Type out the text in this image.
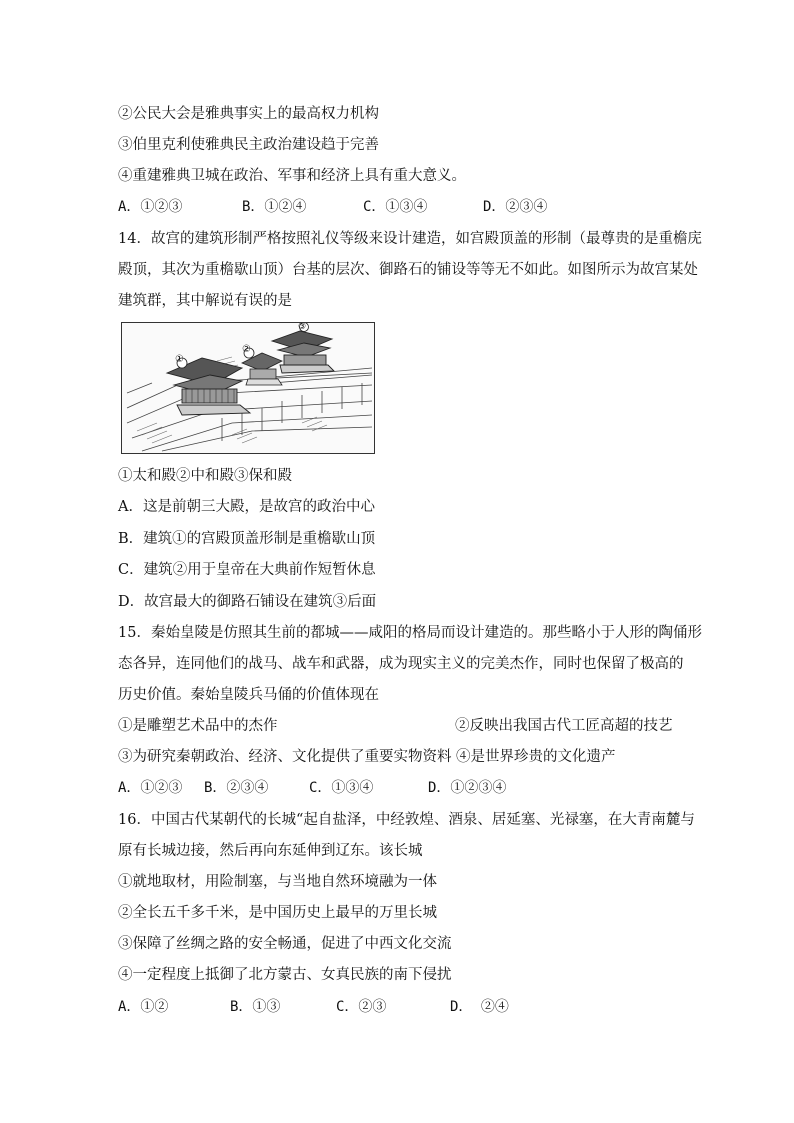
②公民大会是雅典事实上的最高权力机构
③伯里克利使雅典民主政治建设趋于完善
④重建雅典卫城在政治、军事和经济上具有重大意义。
A．①②③	B．①②④	C．①③④	D．②③④
14．故宫的建筑形制严格按照礼仪等级来设计建造，如宫殿顶盖的形制（最尊贵的是重檐庑
殿顶，其次为重檐歇山顶）台基的层次、御路石的铺设等等无不如此。如图所示为故宫某处
建筑群，其中解说有误的是
①
②
③
①太和殿②中和殿③保和殿
A．这是前朝三大殿，是故宫的政治中心
B．建筑①的宫殿顶盖形制是重檐歇山顶
C．建筑②用于皇帝在大典前作短暂休息
D．故宫最大的御路石铺设在建筑③后面
15．秦始皇陵是仿照其生前的都城——咸阳的格局而设计建造的。那些略小于人形的陶俑形
态各异，连同他们的战马、战车和武器，成为现实主义的完美杰作，同时也保留了极高的
历史价值。秦始皇陵兵马俑的价值体现在
①是雕塑艺术品中的杰作	②反映出我国古代工匠高超的技艺
③为研究秦朝政治、经济、文化提供了重要实物资料 ④是世界珍贵的文化遗产
A．①②③ B．②③④	C．①③④	D．①②③④
16．中国古代某朝代的长城“起自盐泽，中经敦煌、酒泉、居延塞、光禄塞，在大青南麓与
原有长城边接，然后再向东延伸到辽东。该长城
①就地取材，用险制塞，与当地自然环境融为一体
②全长五千多千米，是中国历史上最早的万里长城
③保障了丝绸之路的安全畅通，促进了中西文化交流
④一定程度上抵御了北方蒙古、女真民族的南下侵扰
A．①②	B．①③	C．②③	D． ②④
